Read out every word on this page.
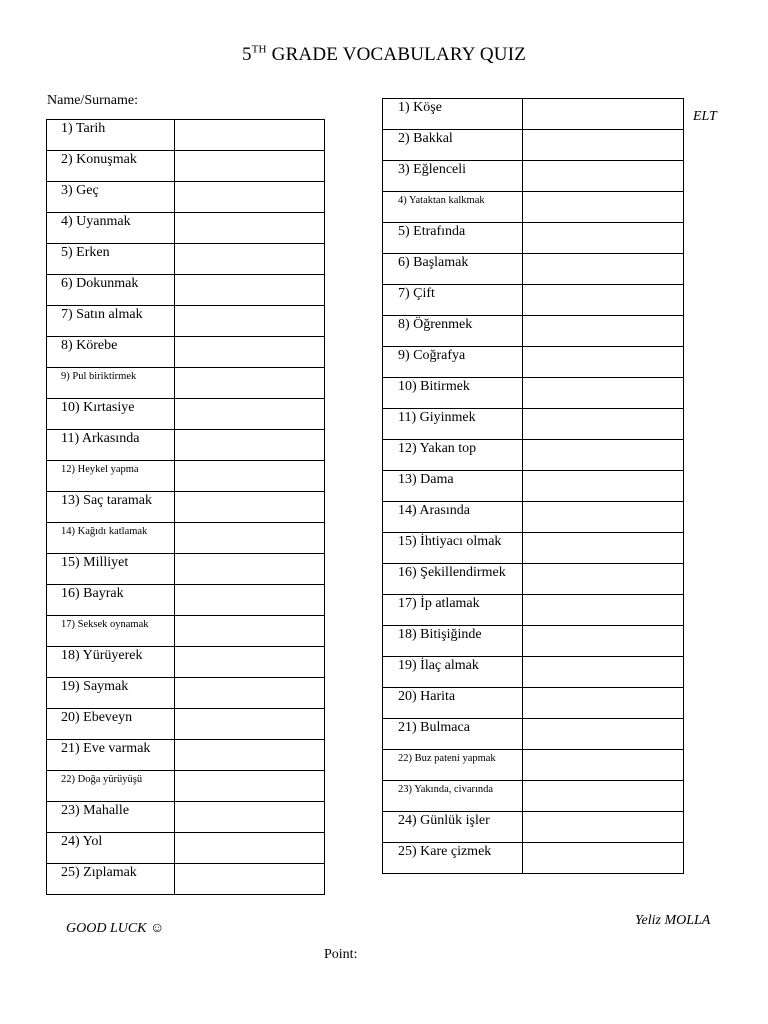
5TH GRADE VOCABULARY QUIZ
Name/Surname:
ELT
1) Tarih	
2) Konuşmak	
3) Geç	
4) Uyanmak	
5) Erken	
6) Dokunmak	
7) Satın almak	
8) Körebe	
9) Pul biriktirmek	
10) Kırtasiye	
11) Arkasında	
12) Heykel yapma	
13) Saç taramak	
14) Kağıdı katlamak	
15) Milliyet	
16) Bayrak	
17) Seksek oynamak	
18) Yürüyerek	
19) Saymak	
20) Ebeveyn	
21) Eve varmak	
22) Doğa yürüyüşü	
23) Mahalle	
24) Yol	
25) Zıplamak	
1) Köşe	
2) Bakkal	
3) Eğlenceli	
4) Yataktan kalkmak	
5) Etrafında	
6) Başlamak	
7) Çift	
8) Öğrenmek	
9) Coğrafya	
10) Bitirmek	
11) Giyinmek	
12) Yakan top	
13) Dama	
14) Arasında	
15) İhtiyacı olmak	
16) Şekillendirmek	
17) İp atlamak	
18) Bitişiğinde	
19) İlaç almak	
20) Harita	
21) Bulmaca	
22) Buz pateni yapmak	
23) Yakında, civarında	
24) Günlük işler	
25) Kare çizmek	
Yeliz MOLLA
GOOD LUCK ☺
Point:
